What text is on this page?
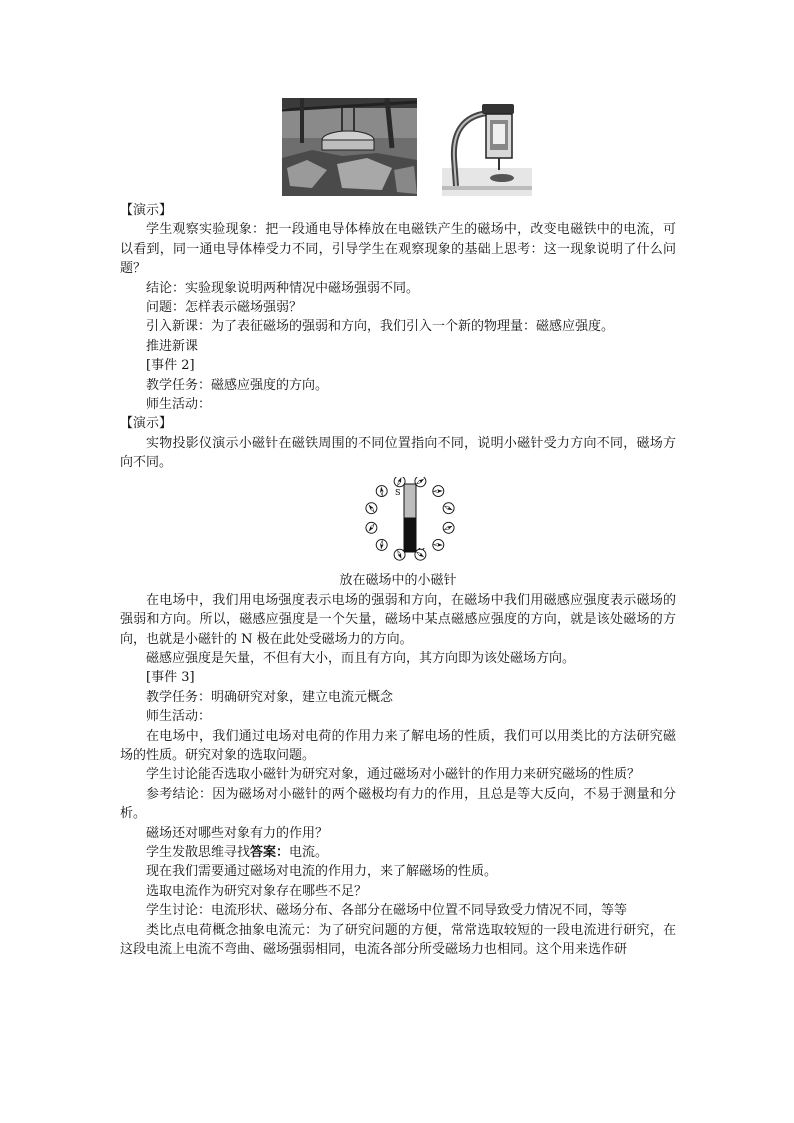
【演示】

学生观察实验现象：把一段通电导体棒放在电磁铁产生的磁场中，改变电磁铁中的电流，可以看到，同一通电导体棒受力不同，引导学生在观察现象的基础上思考：这一现象说明了什么问题？

结论：实验现象说明两种情况中磁场强弱不同。

问题：怎样表示磁场强弱？

引入新课：为了表征磁场的强弱和方向，我们引入一个新的物理量：磁感应强度。

推进新课

[事件 2]

教学任务：磁感应强度的方向。

师生活动：

【演示】

实物投影仪演示小磁针在磁铁周围的不同位置指向不同，说明小磁针受力方向不同，磁场方向不同。

S
放在磁场中的小磁针

在电场中，我们用电场强度表示电场的强弱和方向，在磁场中我们用磁感应强度表示磁场的强弱和方向。所以，磁感应强度是一个矢量，磁场中某点磁感应强度的方向，就是该处磁场的方向，也就是小磁针的 N 极在此处受磁场力的方向。

磁感应强度是矢量，不但有大小，而且有方向，其方向即为该处磁场方向。

[事件 3]

教学任务：明确研究对象，建立电流元概念

师生活动：

在电场中，我们通过电场对电荷的作用力来了解电场的性质，我们可以用类比的方法研究磁场的性质。研究对象的选取问题。

学生讨论能否选取小磁针为研究对象，通过磁场对小磁针的作用力来研究磁场的性质？

参考结论：因为磁场对小磁针的两个磁极均有力的作用，且总是等大反向，不易于测量和分析。

磁场还对哪些对象有力的作用？

学生发散思维寻找答案：电流。

现在我们需要通过磁场对电流的作用力，来了解磁场的性质。

选取电流作为研究对象存在哪些不足？

学生讨论：电流形状、磁场分布、各部分在磁场中位置不同导致受力情况不同，等等

类比点电荷概念抽象电流元：为了研究问题的方便，常常选取较短的一段电流进行研究，在这段电流上电流不弯曲、磁场强弱相同，电流各部分所受磁场力也相同。这个用来选作研
